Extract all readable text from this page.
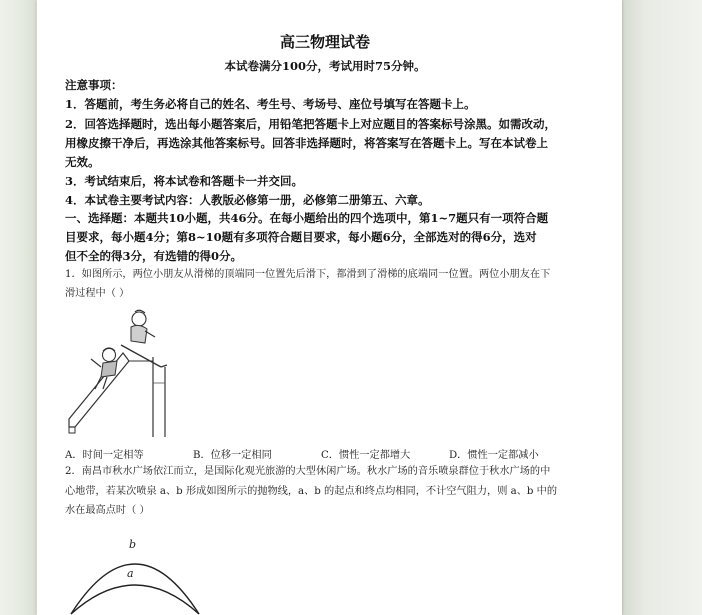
高三物理试卷
本试卷满分100分，考试用时75分钟。
注意事项：
1．答题前，考生务必将自己的姓名、考生号、考场号、座位号填写在答题卡上。
2．回答选择题时，选出每小题答案后，用铅笔把答题卡上对应题目的答案标号涂黑。如需改动，
用橡皮擦干净后，再选涂其他答案标号。回答非选择题时，将答案写在答题卡上。写在本试卷上
无效。
3．考试结束后，将本试卷和答题卡一并交回。
4．本试卷主要考试内容：人教版必修第一册，必修第二册第五、六章。
一、选择题：本题共10小题，共46分。在每小题给出的四个选项中，第1~7题只有一项符合题
目要求，每小题4分；第8~10题有多项符合题目要求，每小题6分，全部选对的得6分，选对
但不全的得3分，有选错的得0分。
1．如图所示，两位小朋友从滑梯的顶端同一位置先后滑下，都滑到了滑梯的底端同一位置。两位小朋友在下
滑过程中（ ）
A．时间一定相等	B．位移一定相同	C．惯性一定都增大	D．惯性一定都减小
2．南昌市秋水广场依江而立，是国际化观光旅游的大型休闲广场。秋水广场的音乐喷泉群位于秋水广场的中
心地带，若某次喷泉 a、b 形成如图所示的抛物线，a、b 的起点和终点均相同，不计空气阻力，则 a、b 中的
水在最高点时（ ）
b
a
